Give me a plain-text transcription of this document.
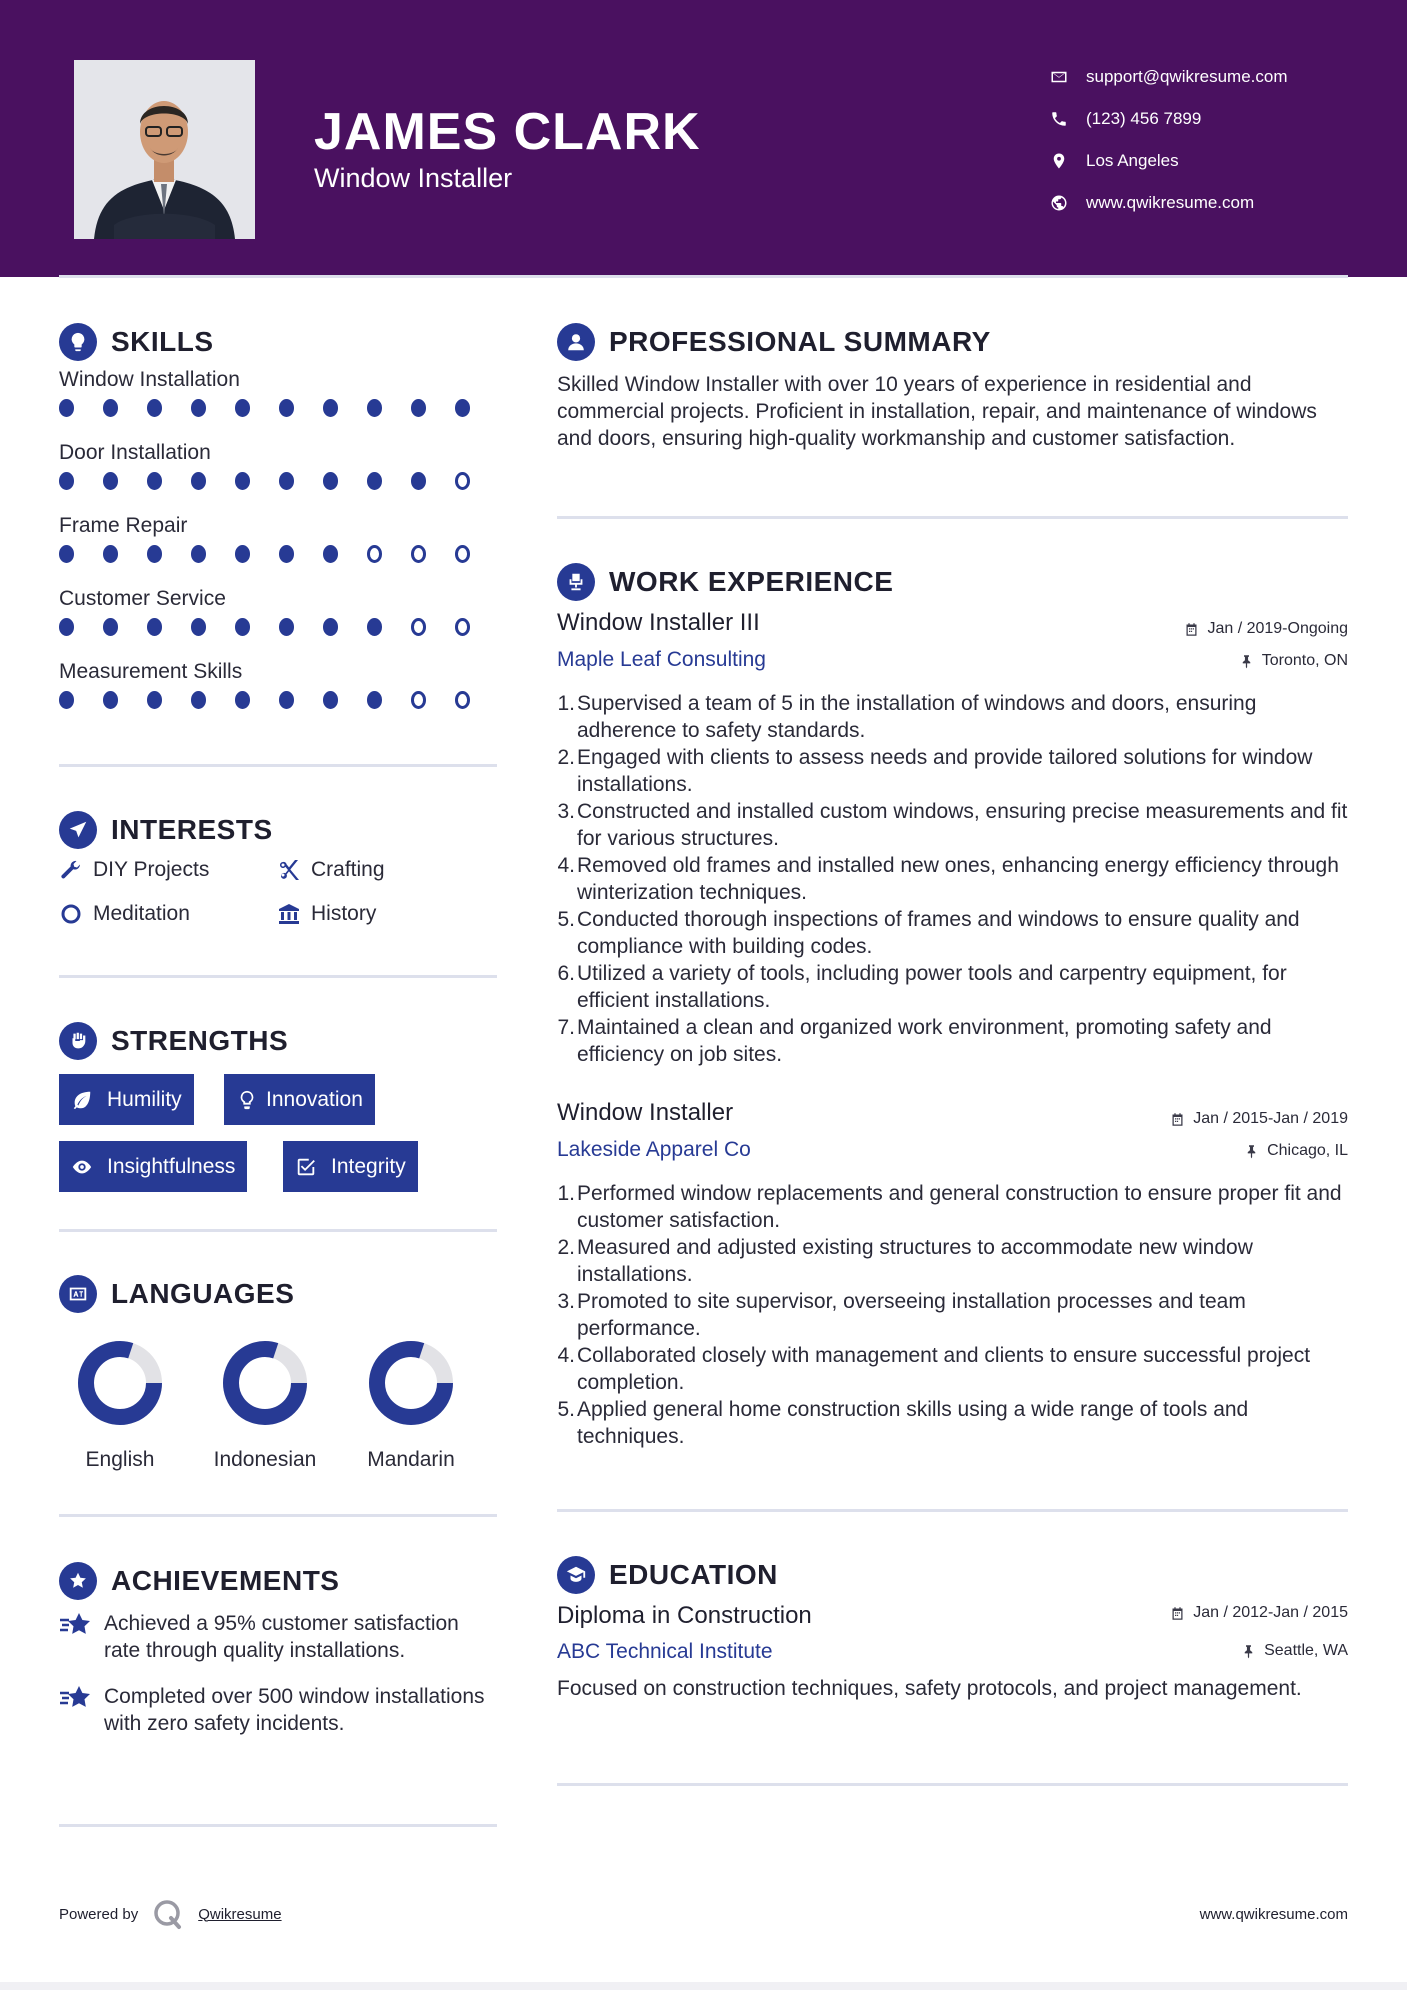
JAMES CLARK
Window Installer
support@qwikresume.com
(123) 456 7899
Los Angeles
www.qwikresume.com
SKILLS
Window Installation
Door Installation
Frame Repair
Customer Service
Measurement Skills
INTERESTS
DIY Projects	Crafting
Meditation	History
STRENGTHS
Humility	Innovation
Insightfulness	Integrity
LANGUAGES
English	Indonesian	Mandarin
ACHIEVEMENTS
Achieved a 95% customer satisfaction rate through quality installations.
Completed over 500 window installations with zero safety incidents.
PROFESSIONAL SUMMARY
Skilled Window Installer with over 10 years of experience in residential and commercial projects. Proficient in installation, repair, and maintenance of windows and doors, ensuring high-quality workmanship and customer satisfaction.
WORK EXPERIENCE
Window Installer III	Jan / 2019-Ongoing
Maple Leaf Consulting	Toronto, ON
1. Supervised a team of 5 in the installation of windows and doors, ensuring adherence to safety standards.
2. Engaged with clients to assess needs and provide tailored solutions for window installations.
3. Constructed and installed custom windows, ensuring precise measurements and fit for various structures.
4. Removed old frames and installed new ones, enhancing energy efficiency through winterization techniques.
5. Conducted thorough inspections of frames and windows to ensure quality and compliance with building codes.
6. Utilized a variety of tools, including power tools and carpentry equipment, for efficient installations.
7. Maintained a clean and organized work environment, promoting safety and efficiency on job sites.
Window Installer	Jan / 2015-Jan / 2019
Lakeside Apparel Co	Chicago, IL
1. Performed window replacements and general construction to ensure proper fit and customer satisfaction.
2. Measured and adjusted existing structures to accommodate new window installations.
3. Promoted to site supervisor, overseeing installation processes and team performance.
4. Collaborated closely with management and clients to ensure successful project completion.
5. Applied general home construction skills using a wide range of tools and techniques.
EDUCATION
Diploma in Construction	Jan / 2012-Jan / 2015
ABC Technical Institute	Seattle, WA
Focused on construction techniques, safety protocols, and project management.
Powered by	Qwikresume	www.qwikresume.com
